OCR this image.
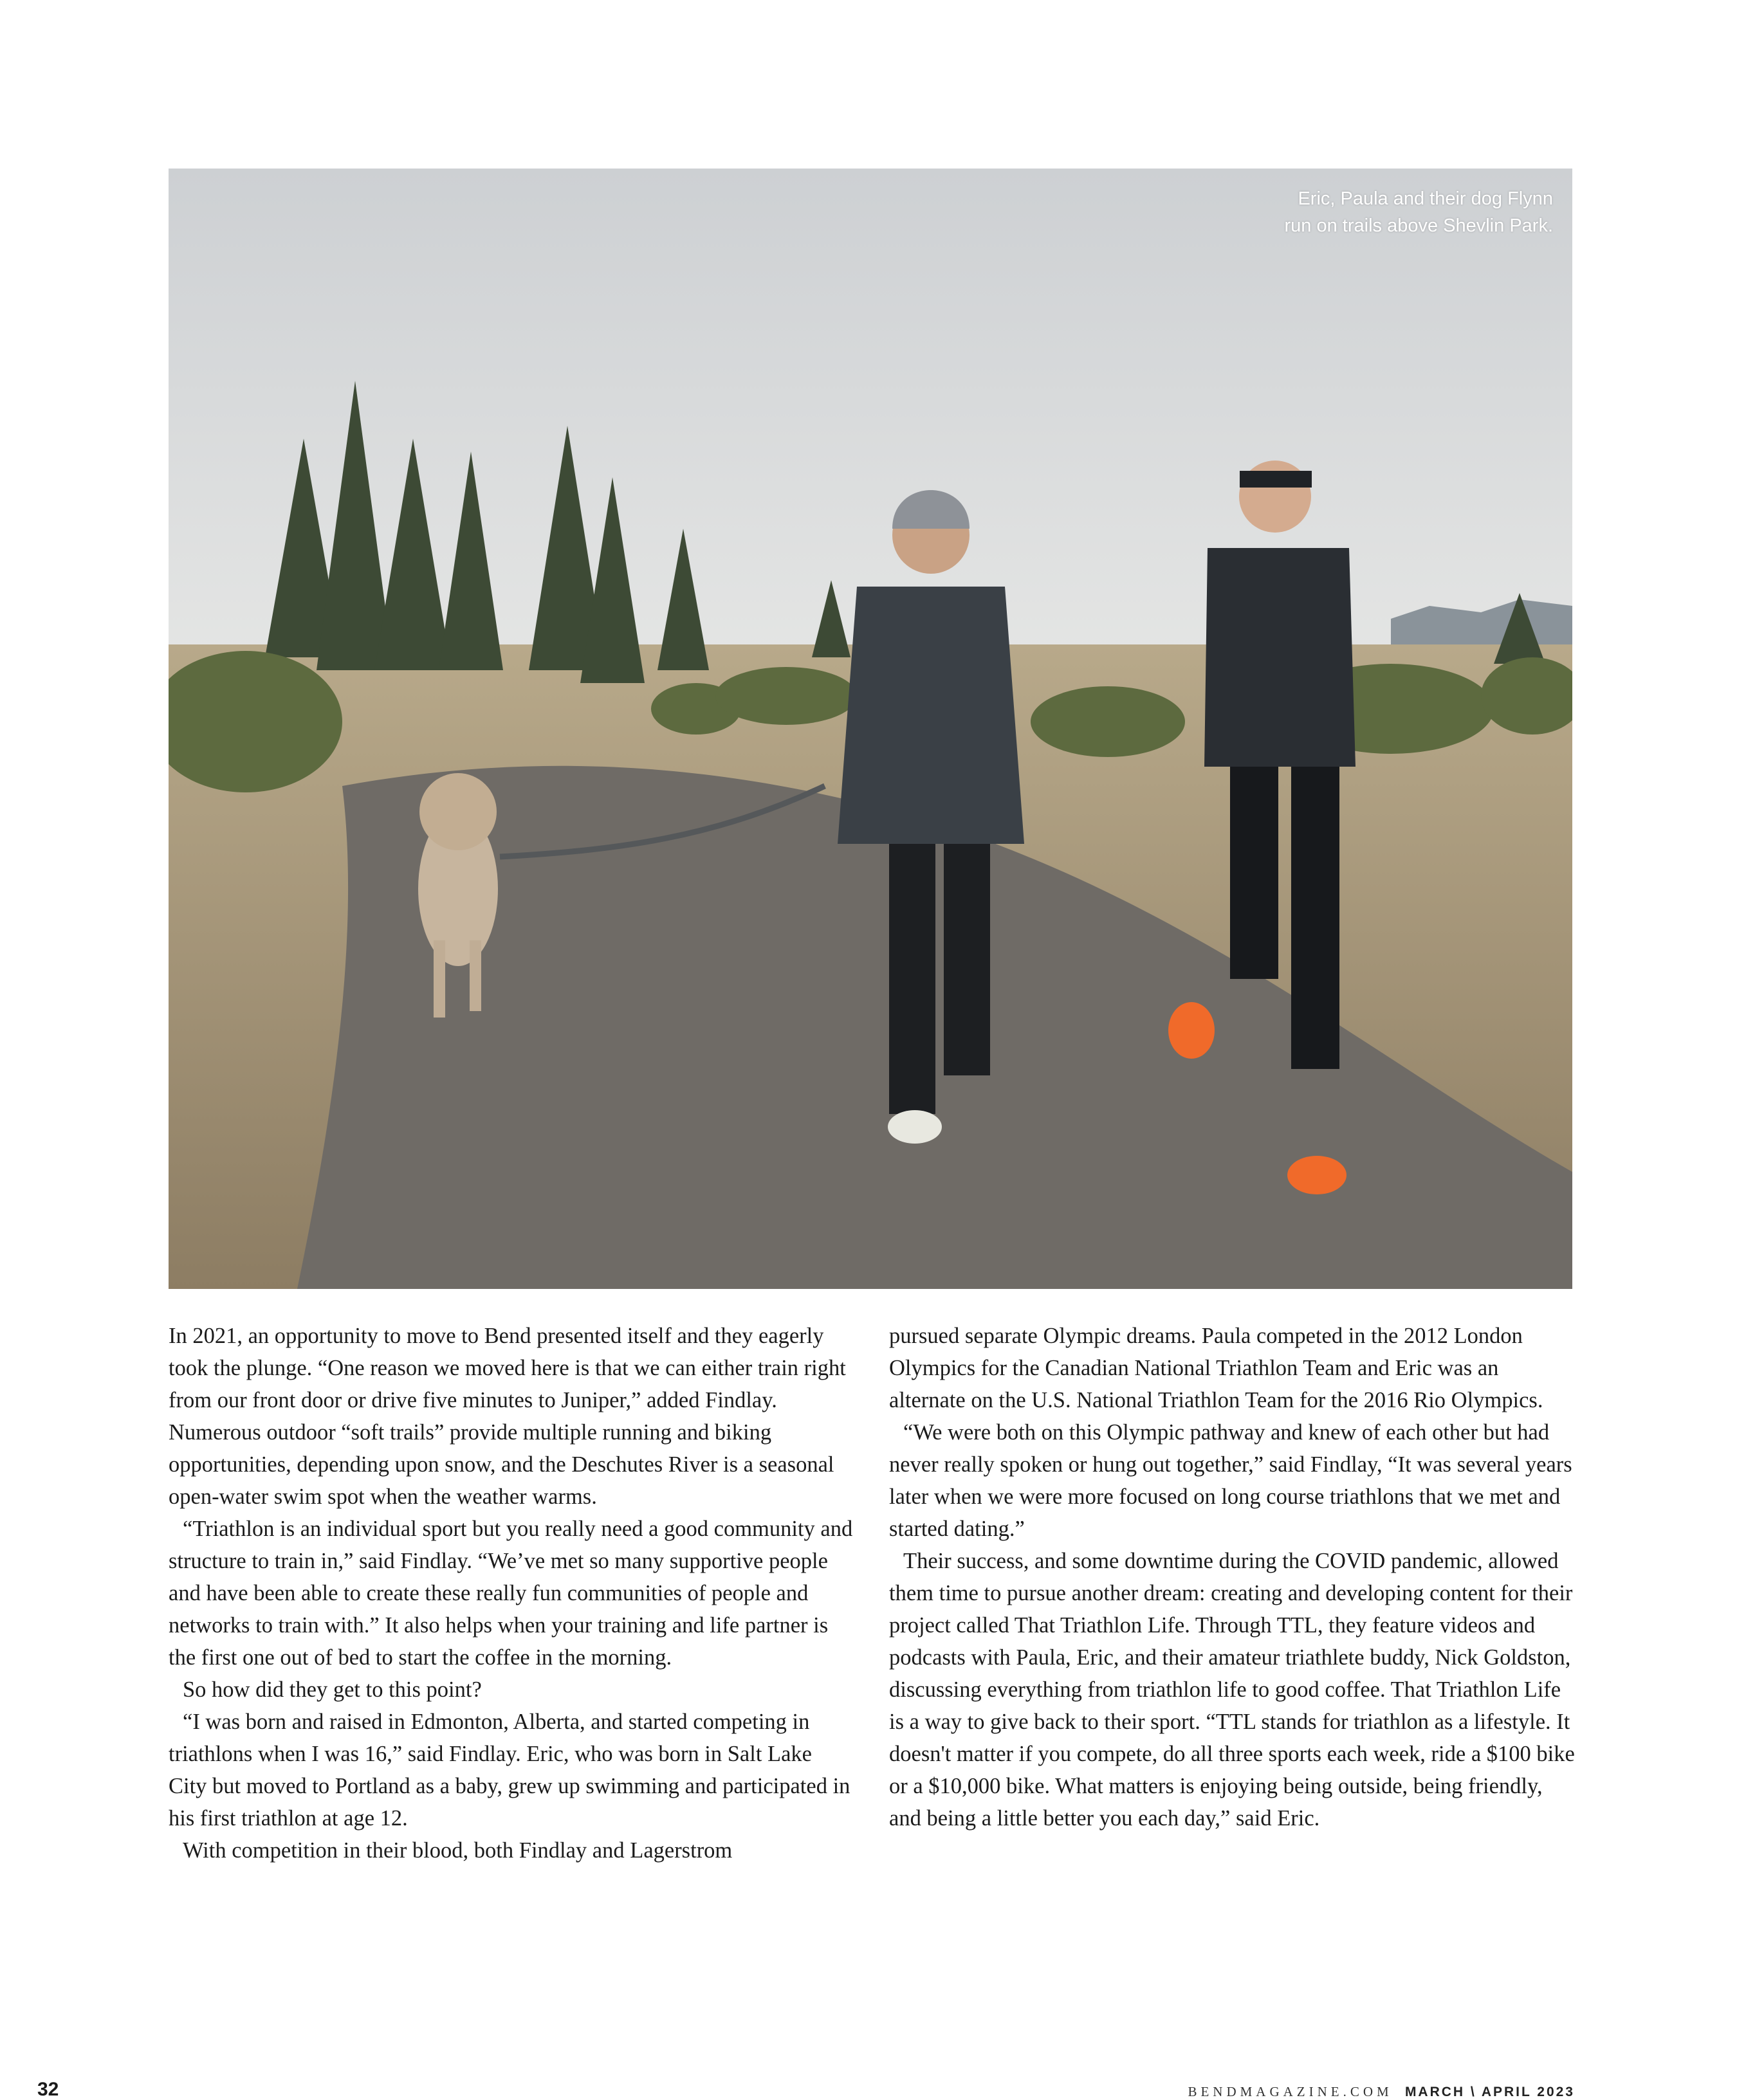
Eric, Paula and their dog Flynn run on trails above Shevlin Park.

In 2021, an opportunity to move to Bend presented itself and they eagerly took the plunge. “One reason we moved here is that we can either train right from our front door or drive five minutes to Juniper,” added Findlay. Numerous outdoor “soft trails” provide multiple running and biking opportunities, depending upon snow, and the Deschutes River is a seasonal open-water swim spot when the weather warms.

“Triathlon is an individual sport but you really need a good community and structure to train in,” said Findlay. “We’ve met so many supportive people and have been able to create these really fun communities of people and networks to train with.” It also helps when your training and life partner is the first one out of bed to start the coffee in the morning.

So how did they get to this point?

“I was born and raised in Edmonton, Alberta, and started competing in triathlons when I was 16,” said Findlay. Eric, who was born in Salt Lake City but moved to Portland as a baby, grew up swimming and participated in his first triathlon at age 12.

With competition in their blood, both Findlay and Lagerstrom

pursued separate Olympic dreams. Paula competed in the 2012 London Olympics for the Canadian National Triathlon Team and Eric was an alternate on the U.S. National Triathlon Team for the 2016 Rio Olympics.

“We were both on this Olympic pathway and knew of each other but had never really spoken or hung out together,” said Findlay, “It was several years later when we were more focused on long course triathlons that we met and started dating.”

Their success, and some downtime during the COVID pandemic, allowed them time to pursue another dream: creating and developing content for their project called That Triathlon Life. Through TTL, they feature videos and podcasts with Paula, Eric, and their amateur triathlete buddy, Nick Goldston, discussing everything from triathlon life to good coffee. That Triathlon Life is a way to give back to their sport. “TTL stands for triathlon as a lifestyle. It doesn't matter if you compete, do all three sports each week, ride a $100 bike or a $10,000 bike. What matters is enjoying being outside, being friendly, and being a little better you each day,” said Eric.

32	BENDMAGAZINE.COM MARCH \ APRIL 2023
